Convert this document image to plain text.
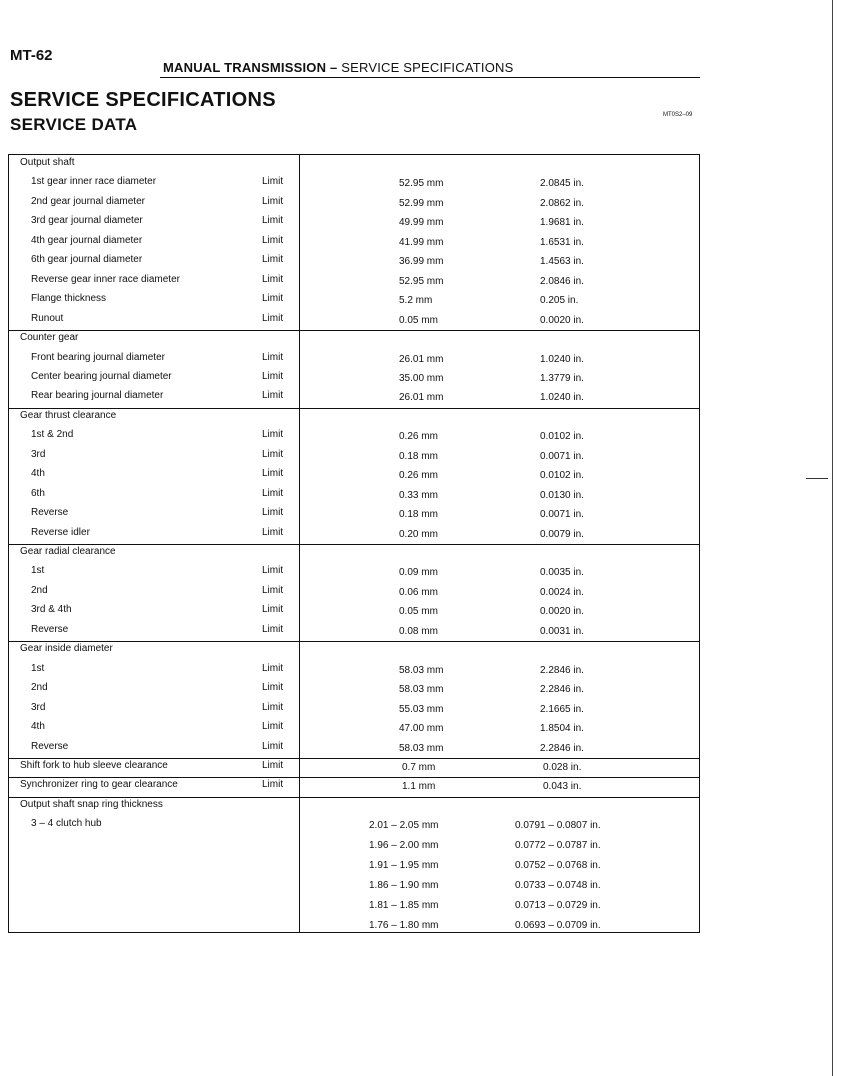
MT-62
MANUAL TRANSMISSION – SERVICE SPECIFICATIONS
SERVICE SPECIFICATIONS
SERVICE DATA	MT0S2–09
Output shaft
1st gear inner race diameter	Limit	52.95 mm	2.0845 in.
2nd gear journal diameter	Limit	52.99 mm	2.0862 in.
3rd gear journal diameter	Limit	49.99 mm	1.9681 in.
4th gear journal diameter	Limit	41.99 mm	1.6531 in.
6th gear journal diameter	Limit	36.99 mm	1.4563 in.
Reverse gear inner race diameter	Limit	52.95 mm	2.0846 in.
Flange thickness	Limit	5.2 mm	0.205 in.
Runout	Limit	0.05 mm	0.0020 in.
Counter gear
Front bearing journal diameter	Limit	26.01 mm	1.0240 in.
Center bearing journal diameter	Limit	35.00 mm	1.3779 in.
Rear bearing journal diameter	Limit	26.01 mm	1.0240 in.
Gear thrust clearance
1st & 2nd	Limit	0.26 mm	0.0102 in.
3rd	Limit	0.18 mm	0.0071 in.
4th	Limit	0.26 mm	0.0102 in.
6th	Limit	0.33 mm	0.0130 in.
Reverse	Limit	0.18 mm	0.0071 in.
Reverse idler	Limit	0.20 mm	0.0079 in.
Gear radial clearance
1st	Limit	0.09 mm	0.0035 in.
2nd	Limit	0.06 mm	0.0024 in.
3rd & 4th	Limit	0.05 mm	0.0020 in.
Reverse	Limit	0.08 mm	0.0031 in.
Gear inside diameter
1st	Limit	58.03 mm	2.2846 in.
2nd	Limit	58.03 mm	2.2846 in.
3rd	Limit	55.03 mm	2.1665 in.
4th	Limit	47.00 mm	1.8504 in.
Reverse	Limit	58.03 mm	2.2846 in.
Shift fork to hub sleeve clearance	Limit	0.7 mm	0.028 in.
Synchronizer ring to gear clearance	Limit	1.1 mm	0.043 in.
Output shaft snap ring thickness
3 – 4 clutch hub	2.01 – 2.05 mm	0.0791 – 0.0807 in.
1.96 – 2.00 mm	0.0772 – 0.0787 in.
1.91 – 1.95 mm	0.0752 – 0.0768 in.
1.86 – 1.90 mm	0.0733 – 0.0748 in.
1.81 – 1.85 mm	0.0713 – 0.0729 in.
1.76 – 1.80 mm	0.0693 – 0.0709 in.
